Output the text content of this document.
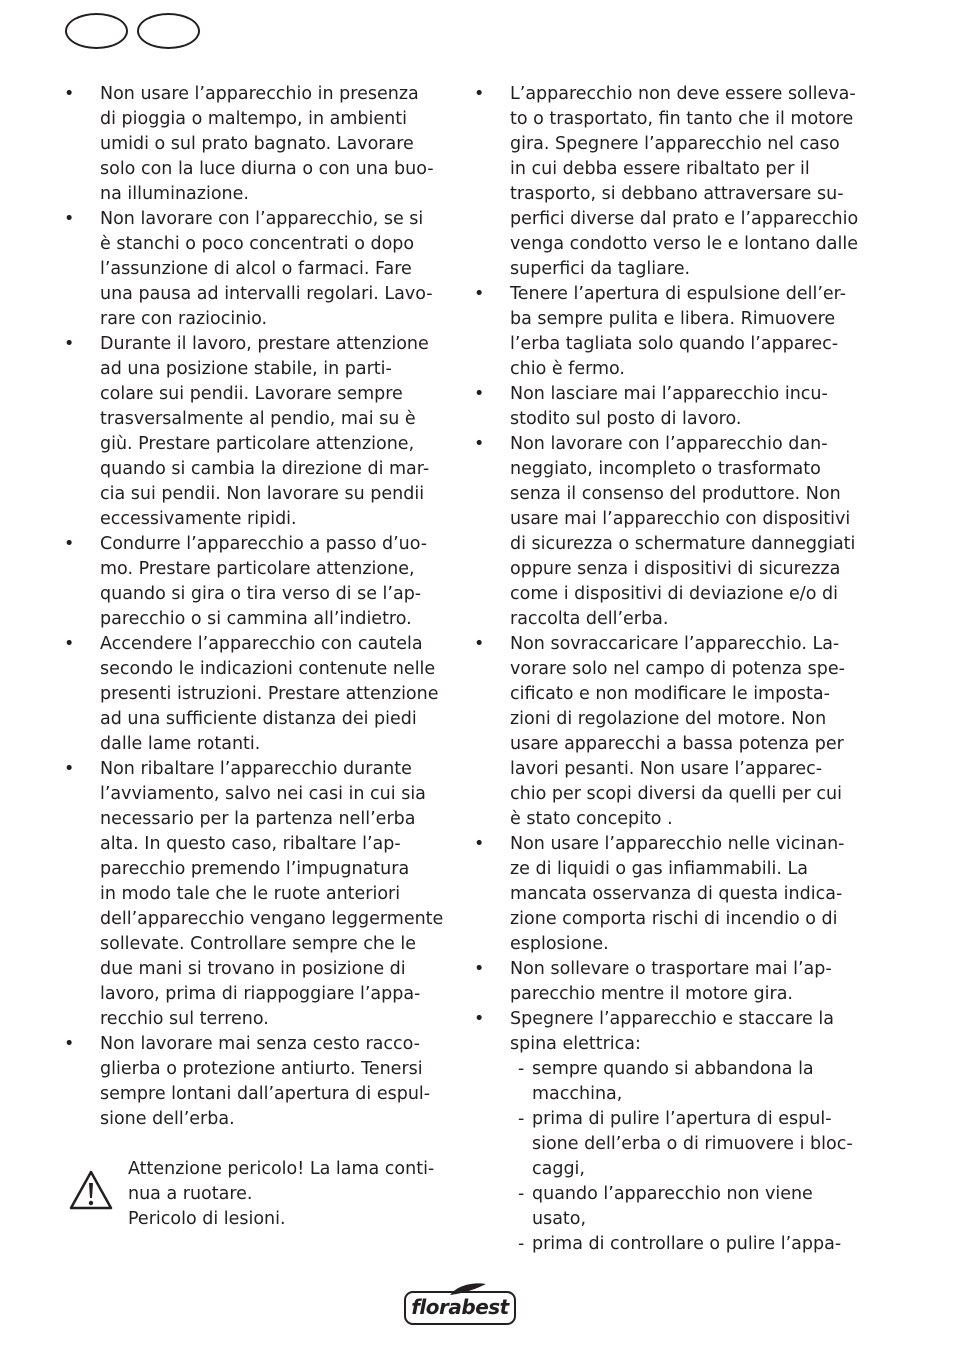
• Non usare l’apparecchio in presenza
di pioggia o maltempo, in ambienti
umidi o sul prato bagnato. Lavorare
solo con la luce diurna o con una buo-
na illuminazione.
• Non lavorare con l’apparecchio, se si
è stanchi o poco concentrati o dopo
l’assunzione di alcol o farmaci. Fare
una pausa ad intervalli regolari. Lavo-
rare con raziocinio.
• Durante il lavoro, prestare attenzione
ad una posizione stabile, in parti-
colare sui pendii. Lavorare sempre
trasversalmente al pendio, mai su è
giù. Prestare particolare attenzione,
quando si cambia la direzione di mar-
cia sui pendii. Non lavorare su pendii
eccessivamente ripidi.
• Condurre l’apparecchio a passo d’uo-
mo. Prestare particolare attenzione,
quando si gira o tira verso di se l’ap-
parecchio o si cammina all’indietro.
• Accendere l’apparecchio con cautela
secondo le indicazioni contenute nelle
presenti istruzioni. Prestare attenzione
ad una sufficiente distanza dei piedi
dalle lame rotanti.
• Non ribaltare l’apparecchio durante
l’avviamento, salvo nei casi in cui sia
necessario per la partenza nell’erba
alta. In questo caso, ribaltare l’ap-
parecchio premendo l’impugnatura
in modo tale che le ruote anteriori
dell’apparecchio vengano leggermente
sollevate. Controllare sempre che le
due mani si trovano in posizione di
lavoro, prima di riappoggiare l’appa-
recchio sul terreno.
• Non lavorare mai senza cesto racco-
glierba o protezione antiurto. Tenersi
sempre lontani dall’apertura di espul-
sione dell’erba.
Attenzione pericolo! La lama conti-
nua a ruotare.
Pericolo di lesioni.
• L’apparecchio non deve essere solleva-
to o trasportato, fin tanto che il motore
gira. Spegnere l’apparecchio nel caso
in cui debba essere ribaltato per il
trasporto, si debbano attraversare su-
perfici diverse dal prato e l’apparecchio
venga condotto verso le e lontano dalle
superfici da tagliare.
• Tenere l’apertura di espulsione dell’er-
ba sempre pulita e libera. Rimuovere
l’erba tagliata solo quando l’apparec-
chio è fermo.
• Non lasciare mai l’apparecchio incu-
stodito sul posto di lavoro.
• Non lavorare con l’apparecchio dan-
neggiato, incompleto o trasformato
senza il consenso del produttore. Non
usare mai l’apparecchio con dispositivi
di sicurezza o schermature danneggiati
oppure senza i dispositivi di sicurezza
come i dispositivi di deviazione e/o di
raccolta dell’erba.
• Non sovraccaricare l’apparecchio. La-
vorare solo nel campo di potenza spe-
cificato e non modificare le imposta-
zioni di regolazione del motore. Non
usare apparecchi a bassa potenza per
lavori pesanti. Non usare l’apparec-
chio per scopi diversi da quelli per cui
è stato concepito .
• Non usare l’apparecchio nelle vicinan-
ze di liquidi o gas infiammabili. La
mancata osservanza di questa indica-
zione comporta rischi di incendio o di
esplosione.
• Non sollevare o trasportare mai l’ap-
parecchio mentre il motore gira.
• Spegnere l’apparecchio e staccare la
spina elettrica:
- sempre quando si abbandona la
macchina,
- prima di pulire l’apertura di espul-
sione dell’erba o di rimuovere i bloc-
caggi,
- quando l’apparecchio non viene
usato,
- prima di controllare o pulire l’appa-
florabest
